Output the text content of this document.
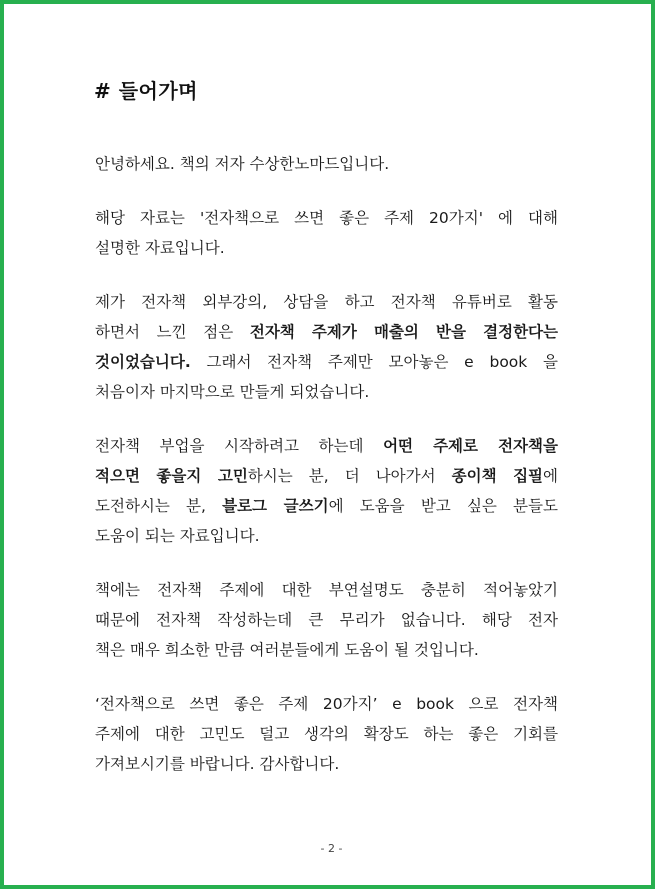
# 들어가며
안녕하세요. 책의 저자 수상한노마드입니다.
해당 자료는 '전자책으로 쓰면 좋은 주제 20가지' 에 대해
설명한 자료입니다.
제가 전자책 외부강의, 상담을 하고 전자책 유튜버로 활동
하면서 느낀 점은 전자책 주제가 매출의 반을 결정한다는
것이었습니다. 그래서 전자책 주제만 모아놓은 e book 을
처음이자 마지막으로 만들게 되었습니다.
전자책 부업을 시작하려고 하는데 어떤 주제로 전자책을
적으면 좋을지 고민하시는 분, 더 나아가서 종이책 집필에
도전하시는 분, 블로그 글쓰기에 도움을 받고 싶은 분들도
도움이 되는 자료입니다.
책에는 전자책 주제에 대한 부연설명도 충분히 적어놓았기
때문에 전자책 작성하는데 큰 무리가 없습니다. 해당 전자
책은 매우 희소한 만큼 여러분들에게 도움이 될 것입니다.
‘전자책으로 쓰면 좋은 주제 20가지’ e book 으로 전자책
주제에 대한 고민도 덜고 생각의 확장도 하는 좋은 기회를
가져보시기를 바랍니다. 감사합니다.
- 2 -
